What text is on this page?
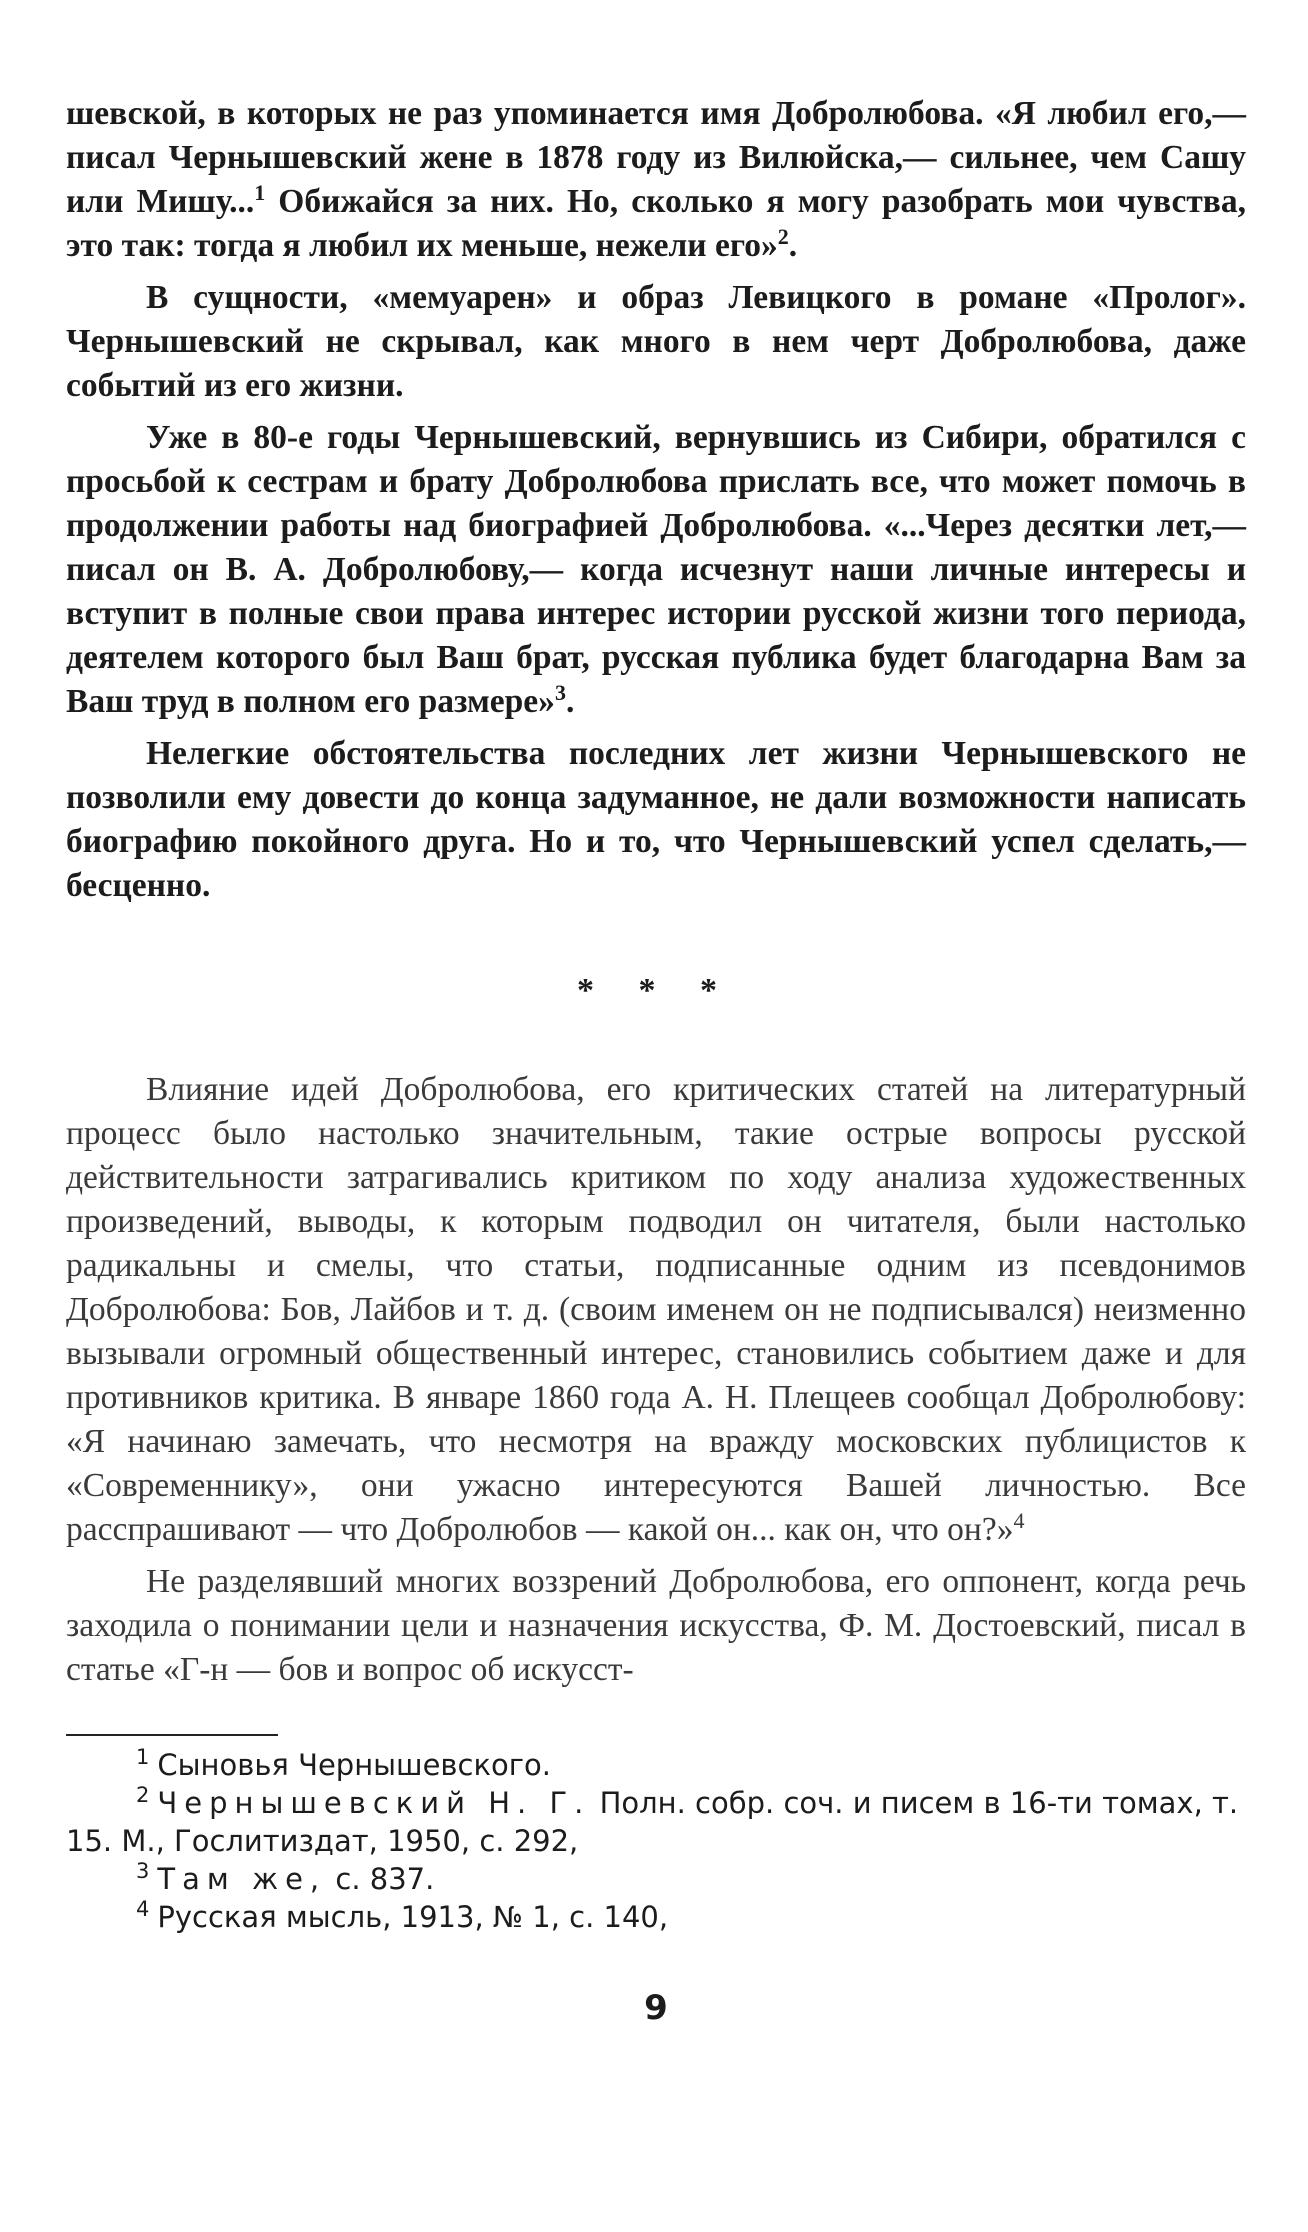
шевской, в которых не раз упоминается имя Добролюбова. «Я любил его,— писал Чернышевский жене в 1878 году из Вилюйска,— сильнее, чем Сашу или Мишу...$^1$ Обижайся за них. Но, сколько я могу разобрать мои чувства, это так: тогда я любил их меньше, нежели его»$^2$.

В сущности, «мемуарен» и образ Левицкого в романе «Пролог». Чернышевский не скрывал, как много в нем черт Добролюбова, даже событий из его жизни.

Уже в 80-е годы Чернышевский, вернувшись из Сибири, обратился с просьбой к сестрам и брату Добролюбова прислать все, что может помочь в продолжении работы над биографией Добролюбова. «...Через десятки лет,— писал он В. А. Добролюбову,— когда исчезнут наши личные интересы и вступит в полные свои права интерес истории русской жизни того периода, деятелем которого был Ваш брат, русская публика будет благодарна Вам за Ваш труд в полном его размере»$^3$.

Нелегкие обстоятельства последних лет жизни Чернышевского не позволили ему довести до конца задуманное, не дали возможности написать биографию покойного друга. Но и то, что Чернышевский успел сделать,— бесценно.

* * *

Влияние идей Добролюбова, его критических статей на литературный процесс было настолько значительным, такие острые вопросы русской действительности затрагивались критиком по ходу анализа художественных произведений, выводы, к которым подводил он читателя, были настолько радикальны и смелы, что статьи, подписанные одним из псевдонимов Добролюбова: Бов, Лайбов и т. д. (своим именем он не подписывался) неизменно вызывали огромный общественный интерес, становились событием даже и для противников критика. В январе 1860 года А. Н. Плещеев сообщал Добролюбову: «Я начинаю замечать, что несмотря на вражду московских публицистов к «Современнику», они ужасно интересуются Вашей личностью. Все расспрашивают — что Добролюбов — какой он... как он, что он?»$^4$

Не разделявший многих воззрений Добролюбова, его оппонент, когда речь заходила о понимании цели и назначения искусства, Ф. М. Достоевский, писал в статье «Г-н — бов и вопрос об искусст-

$^1$ Сыновья Чернышевского.

$^2$ Чернышевский Н. Г. Полн. собр. соч. и писем в 16-ти томах, т. 15. М., Гослитиздат, 1950, с. 292,

$^3$ Там же, с. 837.

$^4$ Русская мысль, 1913, № 1, с. 140,

9
